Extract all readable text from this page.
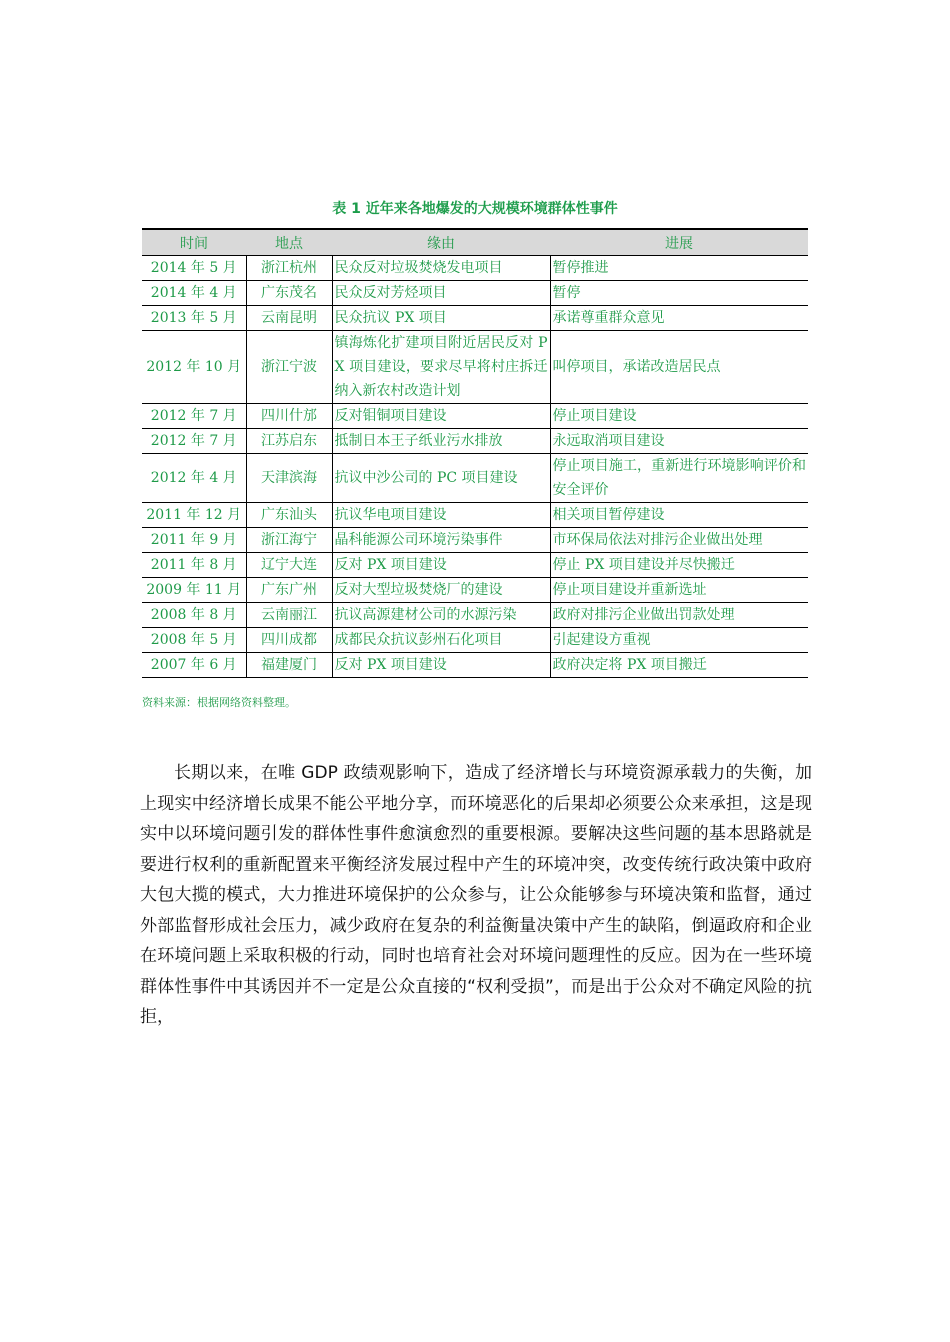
表 1 近年来各地爆发的大规模环境群体性事件
时间	地点	缘由	进展
2014 年 5 月	浙江杭州	民众反对垃圾焚烧发电项目	暂停推进
2014 年 4 月	广东茂名	民众反对芳烃项目	暂停
2013 年 5 月	云南昆明	民众抗议 PX 项目	承诺尊重群众意见
2012 年 10 月	浙江宁波	镇海炼化扩建项目附近居民反对 PX 项目建设，要求尽早将村庄拆迁纳入新农村改造计划	叫停项目，承诺改造居民点
2012 年 7 月	四川什邡	反对钼铜项目建设	停止项目建设
2012 年 7 月	江苏启东	抵制日本王子纸业污水排放	永远取消项目建设
2012 年 4 月	天津滨海	抗议中沙公司的 PC 项目建设	停止项目施工，重新进行环境影响评价和安全评价
2011 年 12 月	广东汕头	抗议华电项目建设	相关项目暂停建设
2011 年 9 月	浙江海宁	晶科能源公司环境污染事件	市环保局依法对排污企业做出处理
2011 年 8 月	辽宁大连	反对 PX 项目建设	停止 PX 项目建设并尽快搬迁
2009 年 11 月	广东广州	反对大型垃圾焚烧厂的建设	停止项目建设并重新选址
2008 年 8 月	云南丽江	抗议高源建材公司的水源污染	政府对排污企业做出罚款处理
2008 年 5 月	四川成都	成都民众抗议彭州石化项目	引起建设方重视
2007 年 6 月	福建厦门	反对 PX 项目建设	政府决定将 PX 项目搬迁
资料来源：根据网络资料整理。

长期以来，在唯 GDP 政绩观影响下，造成了经济增长与环境资源承载力的失衡，加上现实中经济增长成果不能公平地分享，而环境恶化的后果却必须要公众来承担，这是现实中以环境问题引发的群体性事件愈演愈烈的重要根源。要解决这些问题的基本思路就是要进行权利的重新配置来平衡经济发展过程中产生的环境冲突，改变传统行政决策中政府大包大揽的模式，大力推进环境保护的公众参与，让公众能够参与环境决策和监督，通过外部监督形成社会压力，减少政府在复杂的利益衡量决策中产生的缺陷，倒逼政府和企业在环境问题上采取积极的行动，同时也培育社会对环境问题理性的反应。因为在一些环境群体性事件中其诱因并不一定是公众直接的“权利受损”，而是出于公众对不确定风险的抗拒，
